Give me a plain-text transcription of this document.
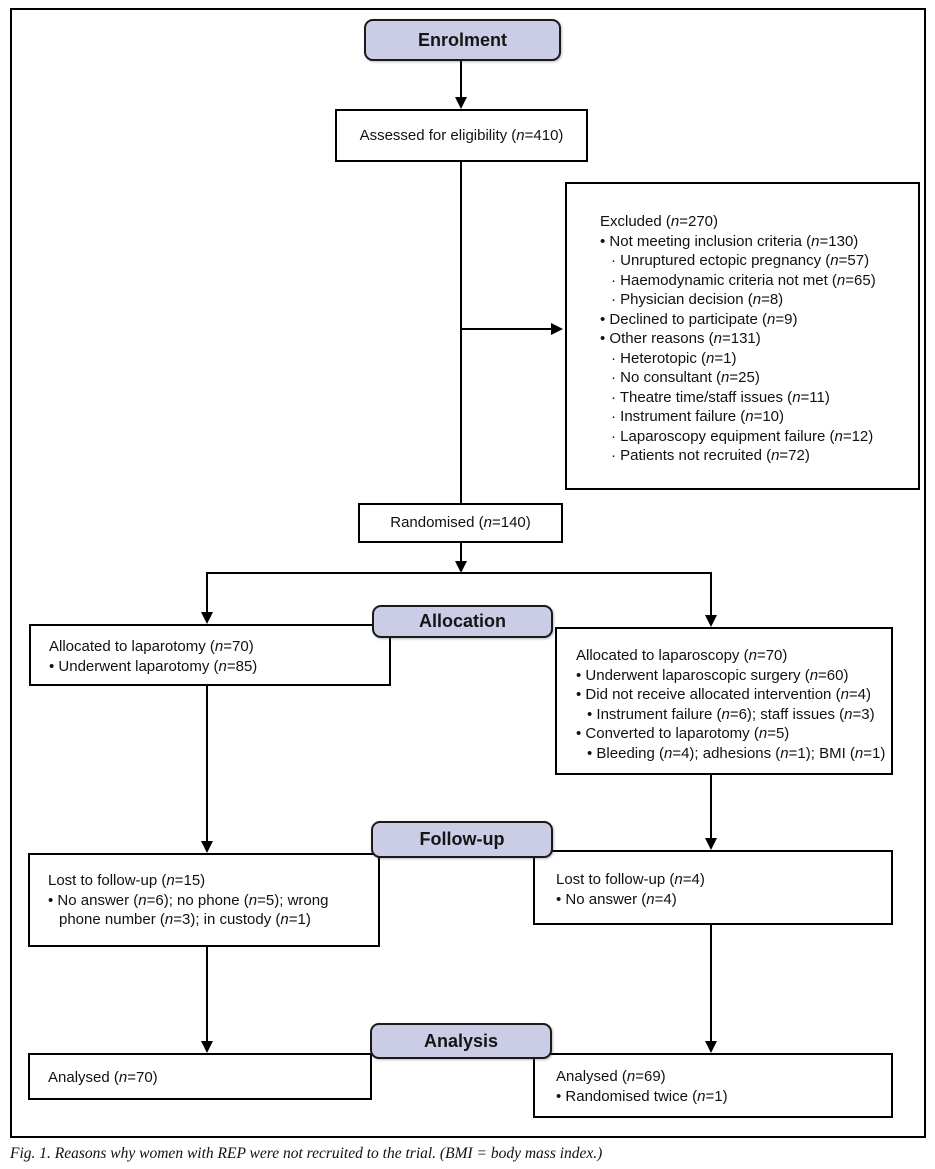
Enrolment
Allocation
Follow-up
Analysis
Assessed for eligibility (n=410)
Excluded (n=270)
• Not meeting inclusion criteria (n=130)
· Unruptured ectopic pregnancy (n=57)
· Haemodynamic criteria not met (n=65)
· Physician decision (n=8)
• Declined to participate (n=9)
• Other reasons (n=131)
· Heterotopic (n=1)
· No consultant (n=25)
· Theatre time/staff issues (n=11)
· Instrument failure (n=10)
· Laparoscopy equipment failure (n=12)
· Patients not recruited (n=72)
Randomised (n=140)
Allocated to laparotomy (n=70)
• Underwent laparotomy (n=85)
Allocated to laparoscopy (n=70)
• Underwent laparoscopic surgery (n=60)
• Did not receive allocated intervention (n=4)
• Instrument failure (n=6); staff issues (n=3)
• Converted to laparotomy (n=5)
• Bleeding (n=4); adhesions (n=1); BMI (n=1)
Lost to follow-up (n=15)
• No answer (n=6); no phone (n=5); wrong
phone number (n=3); in custody (n=1)
Lost to follow-up (n=4)
• No answer (n=4)
Analysed (n=70)	Analysed (n=69)
• Randomised twice (n=1)
Fig. 1. Reasons why women with REP were not recruited to the trial. (BMI = body mass index.)
